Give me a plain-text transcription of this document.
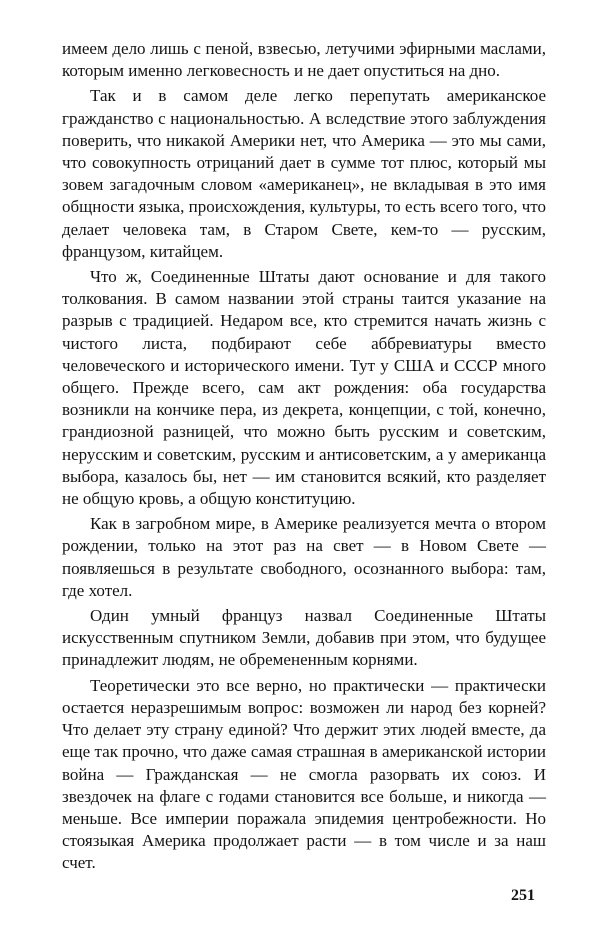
имеем дело лишь с пеной, взвесью, летучими эфирными маслами, которым именно легковесность и не дает опуститься на дно.

Так и в самом деле легко перепутать американское гражданство с национальностью. А вследствие этого заблуждения поверить, что никакой Америки нет, что Америка — это мы сами, что совокупность отрицаний дает в сумме тот плюс, который мы зовем загадочным словом «американец», не вкладывая в это имя общности языка, происхождения, культуры, то есть всего того, что делает человека там, в Старом Свете, кем-то — русским, французом, китайцем.

Что ж, Соединенные Штаты дают основание и для такого толкования. В самом названии этой страны таится указание на разрыв с традицией. Недаром все, кто стремится начать жизнь с чистого листа, подбирают себе аббревиатуры вместо человеческого и исторического имени. Тут у США и СССР много общего. Прежде всего, сам акт рождения: оба государства возникли на кончике пера, из декрета, концепции, с той, конечно, грандиозной разницей, что можно быть русским и советским, нерусским и советским, русским и антисоветским, а у американца выбора, казалось бы, нет — им становится всякий, кто разделяет не общую кровь, а общую конституцию.

Как в загробном мире, в Америке реализуется мечта о втором рождении, только на этот раз на свет — в Новом Свете — появляешься в результате свободного, осознанного выбора: там, где хотел.

Один умный француз назвал Соединенные Штаты искусственным спутником Земли, добавив при этом, что будущее принадлежит людям, не обремененным корнями.

Теоретически это все верно, но практически — практически остается неразрешимым вопрос: возможен ли народ без корней? Что делает эту страну единой? Что держит этих людей вместе, да еще так прочно, что даже самая страшная в американской истории война — Гражданская — не смогла разорвать их союз. И звездочек на флаге с годами становится все больше, и никогда — меньше. Все империи поражала эпидемия центробежности. Но стоязыкая Америка продолжает расти — в том числе и за наш счет.

251
